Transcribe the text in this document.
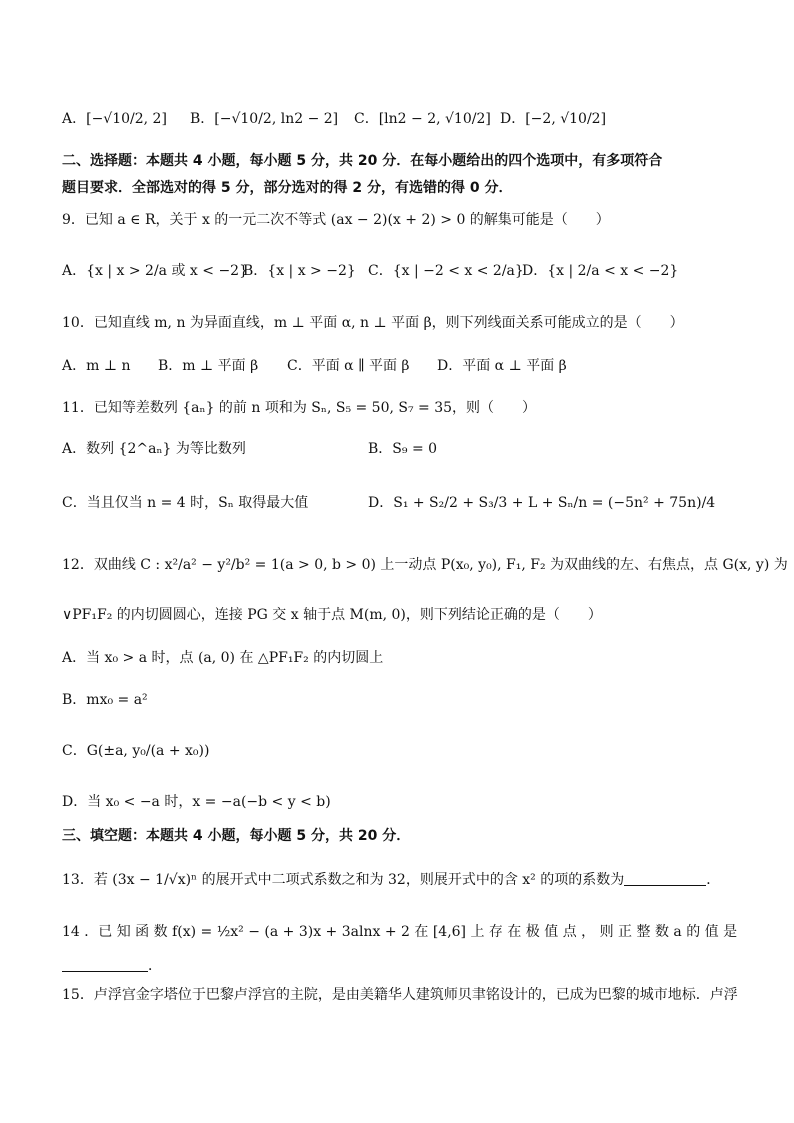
A．[−√10/2, 2] B．[−√10/2, ln2 − 2] C．[ln2 − 2, √10/2] D．[−2, √10/2]
二、选择题：本题共 4 小题，每小题 5 分，共 20 分．在每小题给出的四个选项中，有多项符合
题目要求．全部选对的得 5 分，部分选对的得 2 分，有选错的得 0 分．
9．已知 a ∈ R，关于 x 的一元二次不等式 (ax − 2)(x + 2) > 0 的解集可能是（　　）
A．{x | x > 2/a 或 x < −2}
B．{x | x > −2} C．{x | −2 < x < 2/a}
D．{x | 2/a < x < −2}
10．已知直线 m, n 为异面直线，m ⊥ 平面 α, n ⊥ 平面 β，则下列线面关系可能成立的是（　　）
A．m ⊥ n B．m ⊥ 平面 β C．平面 α ∥ 平面 β D．平面 α ⊥ 平面 β
11．已知等差数列 {aₙ} 的前 n 项和为 Sₙ, S₅ = 50, S₇ = 35，则（　　）
A．数列 {2^aₙ} 为等比数列	B．S₉ = 0
C．当且仅当 n = 4 时，Sₙ 取得最大值	D．S₁ + S₂/2 + S₃/3 + L + Sₙ/n = (−5n² + 75n)/4
12．双曲线 C : x²/a² − y²/b² = 1(a > 0, b > 0) 上一动点 P(x₀, y₀), F₁, F₂ 为双曲线的左、右焦点，点 G(x, y) 为
∨PF₁F₂ 的内切圆圆心，连接 PG 交 x 轴于点 M(m, 0)，则下列结论正确的是（　　）
A．当 x₀ > a 时，点 (a, 0) 在 △PF₁F₂ 的内切圆上
B．mx₀ = a²
C．G(±a, y₀/(a + x₀))
D．当 x₀ < −a 时，x = −a(−b < y < b)
三、填空题：本题共 4 小题，每小题 5 分，共 20 分．
13．若 (3x − 1/√x)ⁿ 的展开式中二项式系数之和为 32，则展开式中的含 x² 的项的系数为	．
14 ．已 知 函 数 f(x) = ½x² − (a + 3)x + 3alnx + 2 在 [4,6] 上 存 在 极 值 点 ， 则 正 整 数 a 的 值 是
．
15．卢浮宫金字塔位于巴黎卢浮宫的主院，是由美籍华人建筑师贝聿铭设计的，已成为巴黎的城市地标．卢浮
